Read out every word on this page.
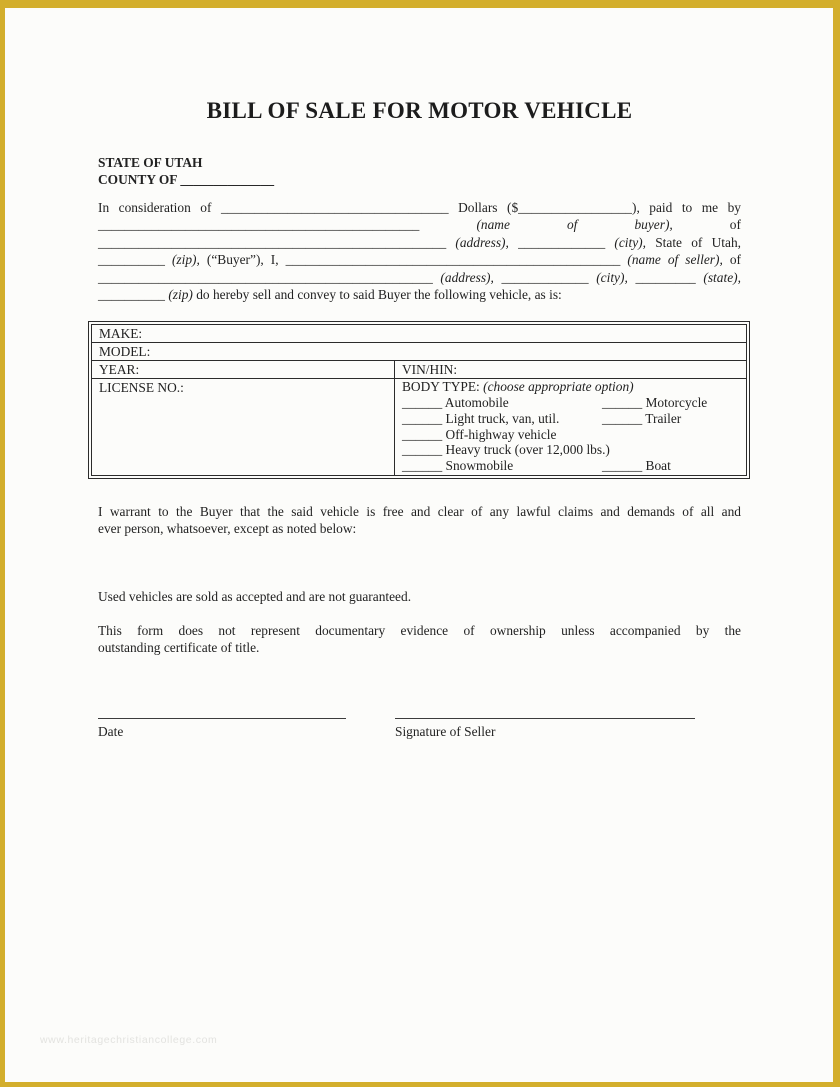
BILL OF SALE FOR MOTOR VEHICLE
STATE OF UTAH
COUNTY OF ______________
In consideration of __________________________________ Dollars ($_________________), paid to me by
________________________________________________	(name	of	buyer), of
____________________________________________________ (address), _____________ (city), State of Utah,
__________ (zip), (“Buyer”), I, __________________________________________________ (name of seller), of
__________________________________________________ (address), _____________ (city), _________ (state),
__________ (zip) do hereby sell and convey to said Buyer the following vehicle, as is:
MAKE:
MODEL:
YEAR:	VIN/HIN:
LICENSE NO.:	BODY TYPE: (choose appropriate option)
______ Automobile	______ Motorcycle
______ Light truck, van, util.	______ Trailer
______ Off-highway vehicle
______ Heavy truck (over 12,000 lbs.)
______ Snowmobile	______ Boat
I warrant to the Buyer that the said vehicle is free and clear of any lawful claims and demands of all and
ever person, whatsoever, except as noted below:
Used vehicles are sold as accepted and are not guaranteed.
This form does not represent documentary evidence of ownership unless accompanied by the
outstanding certificate of title.
Date	Signature of Seller
www.heritagechristiancollege.com
